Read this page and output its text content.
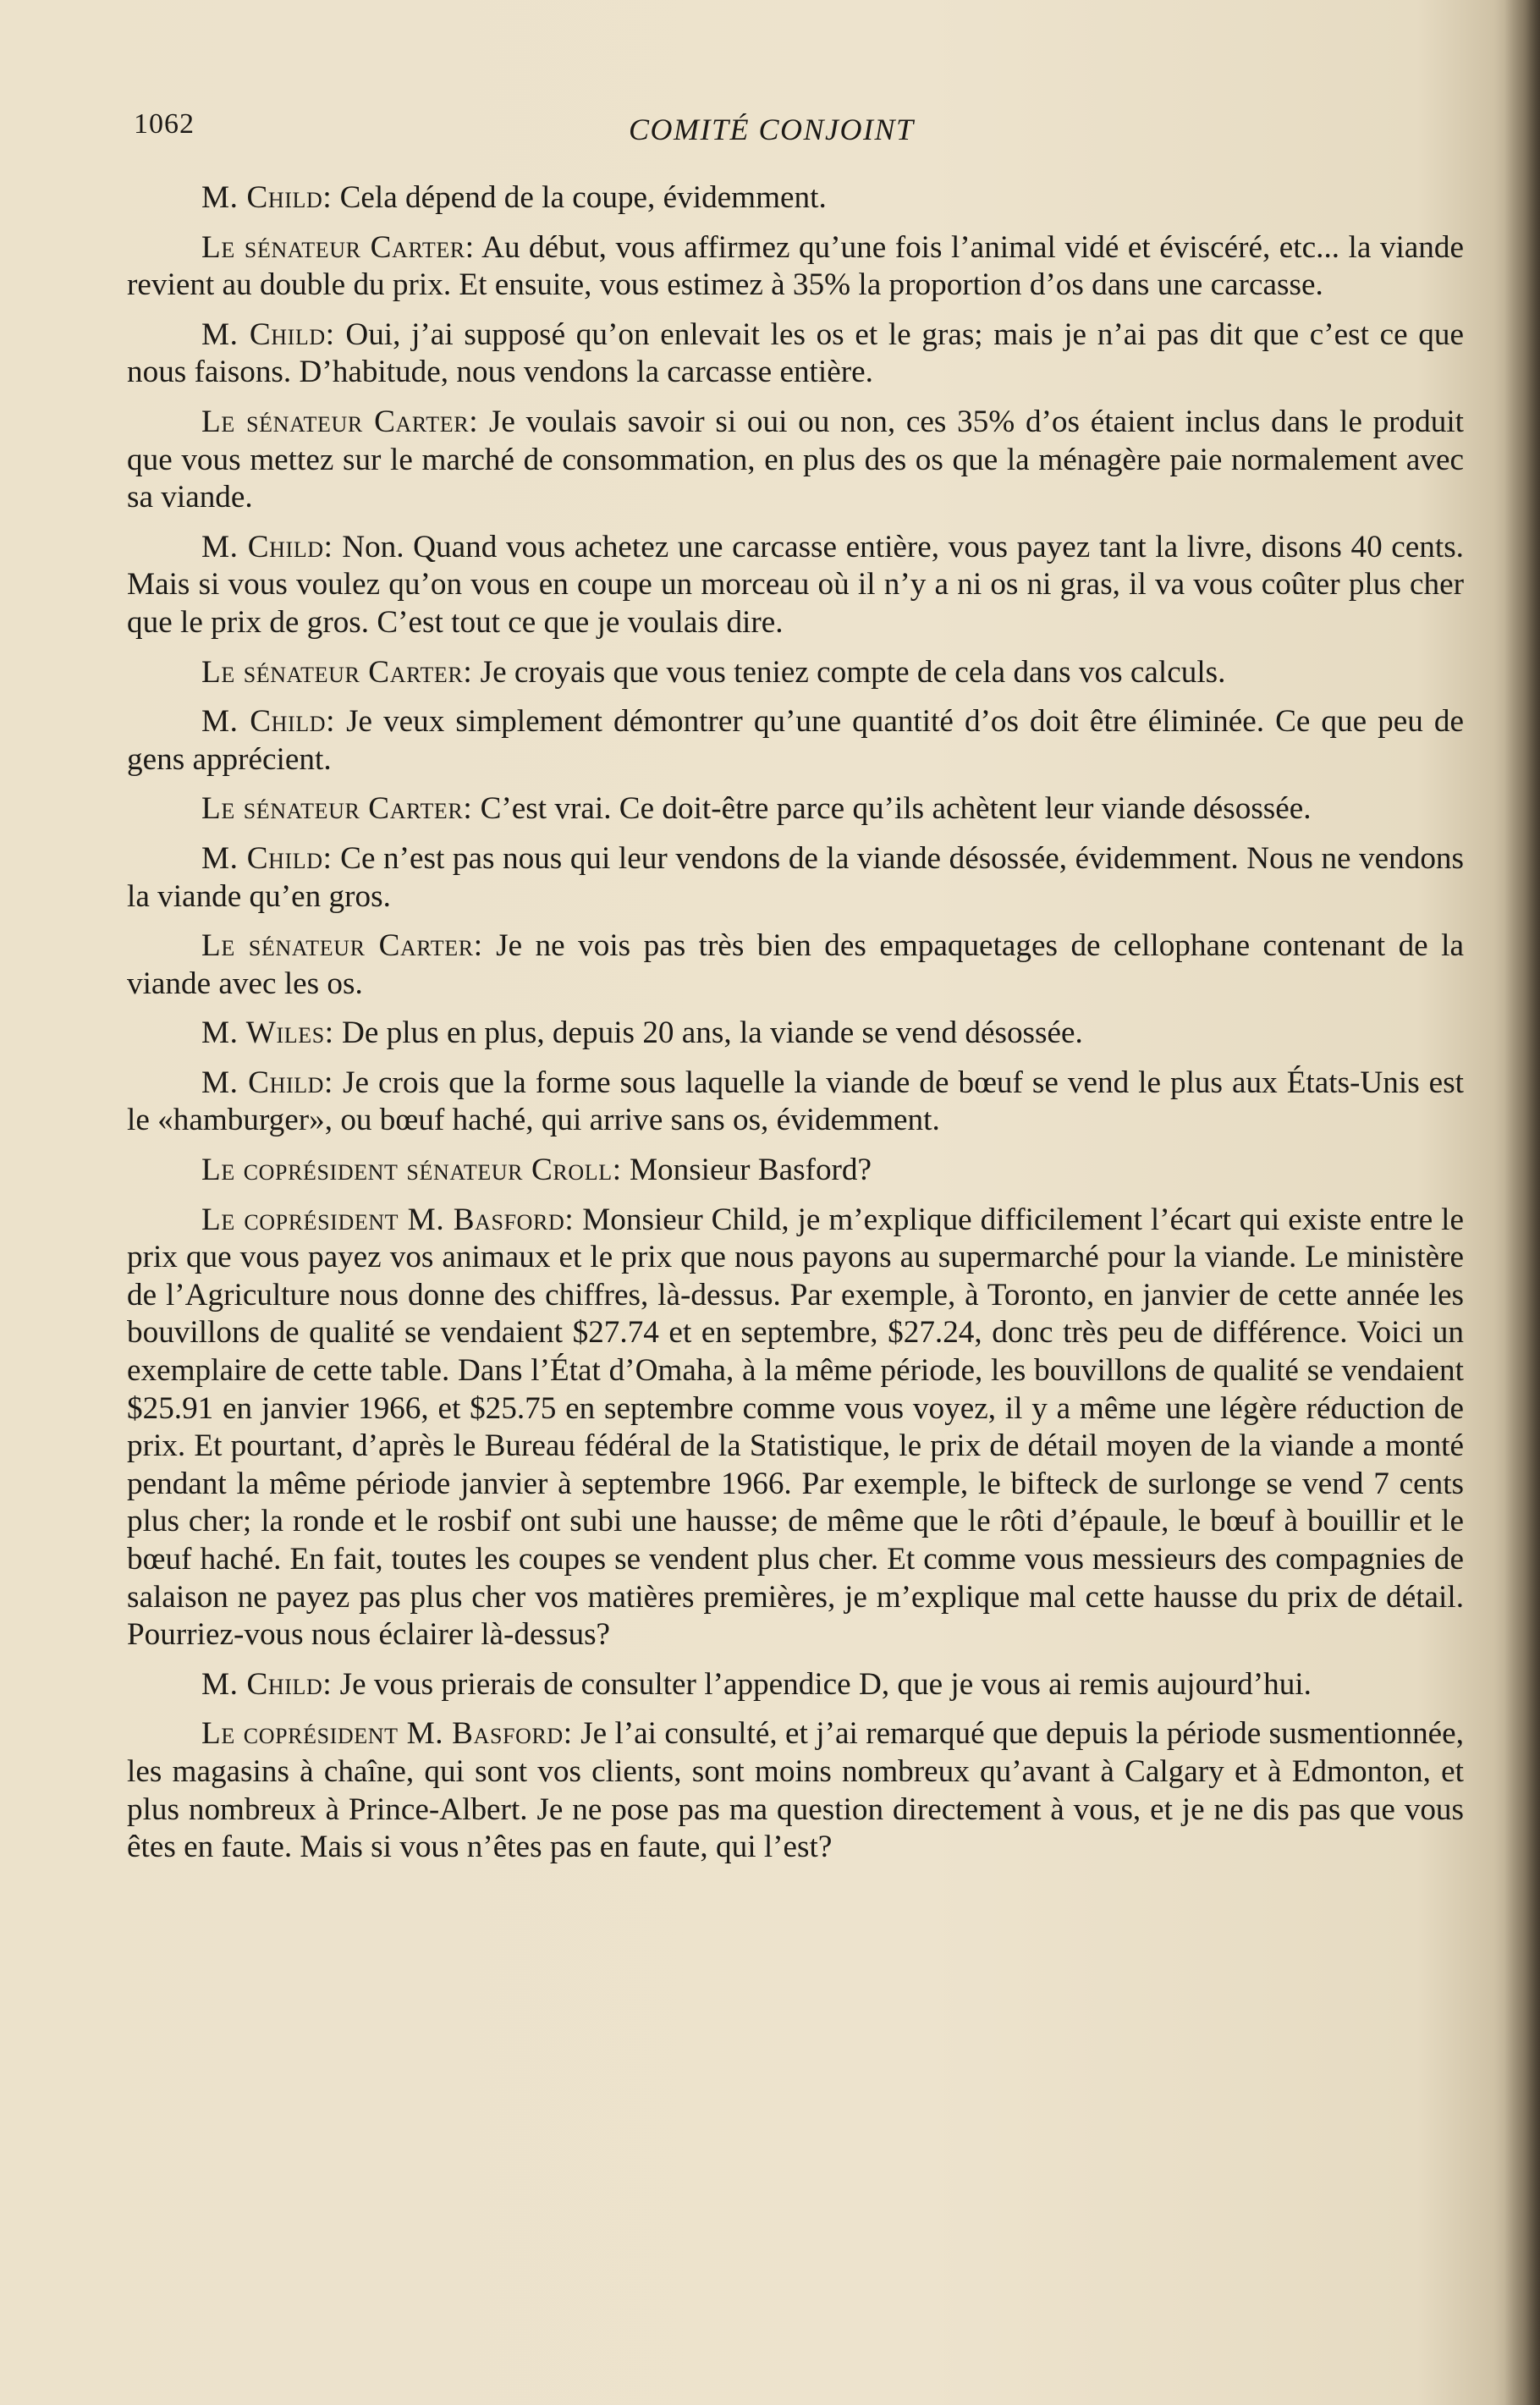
1062	COMITÉ CONJOINT

M. Child: Cela dépend de la coupe, évidemment.

Le sénateur Carter: Au début, vous affirmez qu’une fois l’animal vidé et éviscéré, etc... la viande revient au double du prix. Et ensuite, vous estimez à 35% la proportion d’os dans une carcasse.

M. Child: Oui, j’ai supposé qu’on enlevait les os et le gras; mais je n’ai pas dit que c’est ce que nous faisons. D’habitude, nous vendons la carcasse entière.

Le sénateur Carter: Je voulais savoir si oui ou non, ces 35% d’os étaient inclus dans le produit que vous mettez sur le marché de consommation, en plus des os que la ménagère paie normalement avec sa viande.

M. Child: Non. Quand vous achetez une carcasse entière, vous payez tant la livre, disons 40 cents. Mais si vous voulez qu’on vous en coupe un morceau où il n’y a ni os ni gras, il va vous coûter plus cher que le prix de gros. C’est tout ce que je voulais dire.

Le sénateur Carter: Je croyais que vous teniez compte de cela dans vos calculs.

M. Child: Je veux simplement démontrer qu’une quantité d’os doit être éliminée. Ce que peu de gens apprécient.

Le sénateur Carter: C’est vrai. Ce doit-être parce qu’ils achètent leur viande désossée.

M. Child: Ce n’est pas nous qui leur vendons de la viande désossée, évidemment. Nous ne vendons la viande qu’en gros.

Le sénateur Carter: Je ne vois pas très bien des empaquetages de cellophane contenant de la viande avec les os.

M. Wiles: De plus en plus, depuis 20 ans, la viande se vend désossée.

M. Child: Je crois que la forme sous laquelle la viande de bœuf se vend le plus aux États-Unis est le «hamburger», ou bœuf haché, qui arrive sans os, évidemment.

Le coprésident sénateur Croll: Monsieur Basford?

Le coprésident M. Basford: Monsieur Child, je m’explique difficilement l’écart qui existe entre le prix que vous payez vos animaux et le prix que nous payons au supermarché pour la viande. Le ministère de l’Agriculture nous donne des chiffres, là-dessus. Par exemple, à Toronto, en janvier de cette année les bouvillons de qualité se vendaient $27.74 et en septembre, $27.24, donc très peu de différence. Voici un exemplaire de cette table. Dans l’État d’Omaha, à la même période, les bouvillons de qualité se vendaient $25.91 en janvier 1966, et $25.75 en septembre comme vous voyez, il y a même une légère réduction de prix. Et pourtant, d’après le Bureau fédéral de la Statistique, le prix de détail moyen de la viande a monté pendant la même période janvier à septembre 1966. Par exemple, le bifteck de surlonge se vend 7 cents plus cher; la ronde et le rosbif ont subi une hausse; de même que le rôti d’épaule, le bœuf à bouillir et le bœuf haché. En fait, toutes les coupes se vendent plus cher. Et comme vous messieurs des compagnies de salaison ne payez pas plus cher vos matières premières, je m’explique mal cette hausse du prix de détail. Pourriez-vous nous éclairer là-dessus?

M. Child: Je vous prierais de consulter l’appendice D, que je vous ai remis aujourd’hui.

Le coprésident M. Basford: Je l’ai consulté, et j’ai remarqué que depuis la période susmentionnée, les magasins à chaîne, qui sont vos clients, sont moins nombreux qu’avant à Calgary et à Edmonton, et plus nombreux à Prince-Albert. Je ne pose pas ma question directement à vous, et je ne dis pas que vous êtes en faute. Mais si vous n’êtes pas en faute, qui l’est?
